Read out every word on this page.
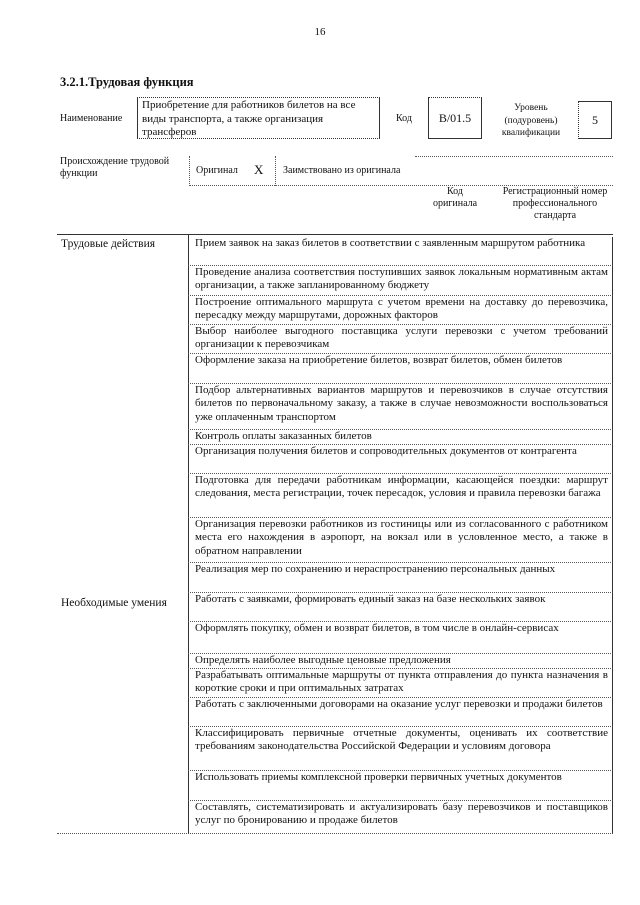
16
3.2.1.Трудовая функция
Наименование
Приобретение для работников билетов на все виды транспорта, а также организация трансферов
Код	В/01.5
Уровень (подуровень) квалификации
5
Происхождение трудовой функции	Оригинал X Заимствовано из оригинала
Код оригинала
Регистрационный номер профессионального стандарта
Трудовые действия
Необходимые умения
Прием заявок на заказ билетов в соответствии с заявленным маршрутом работника
Проведение анализа соответствия поступивших заявок локальным нормативным актам организации, а также запланированному бюджету
Построение оптимального маршрута с учетом времени на доставку до перевозчика, пересадку между маршрутами, дорожных факторов
Выбор наиболее выгодного поставщика услуги перевозки с учетом требований организации к перевозчикам
Оформление заказа на приобретение билетов, возврат билетов, обмен билетов
Подбор альтернативных вариантов маршрутов и перевозчиков в случае отсутствия билетов по первоначальному заказу, а также в случае невозможности воспользоваться уже оплаченным транспортом
Контроль оплаты заказанных билетов
Организация получения билетов и сопроводительных документов от контрагента
Подготовка для передачи работникам информации, касающейся поездки: маршрут следования, места регистрации, точек пересадок, условия и правила перевозки багажа
Организация перевозки работников из гостиницы или из согласованного с работником места его нахождения в аэропорт, на вокзал или в условленное место, а также в обратном направлении
Реализация мер по сохранению и нераспространению персональных данных
Работать с заявками, формировать единый заказ на базе нескольких заявок
Оформлять покупку, обмен и возврат билетов, в том числе в онлайн-сервисах
Определять наиболее выгодные ценовые предложения
Разрабатывать оптимальные маршруты от пункта отправления до пункта назначения в короткие сроки и при оптимальных затратах
Работать с заключенными договорами на оказание услуг перевозки и продажи билетов
Классифицировать первичные отчетные документы, оценивать их соответствие требованиям законодательства Российской Федерации и условиям договора
Использовать приемы комплексной проверки первичных учетных документов
Составлять, систематизировать и актуализировать базу перевозчиков и поставщиков услуг по бронированию и продаже билетов
